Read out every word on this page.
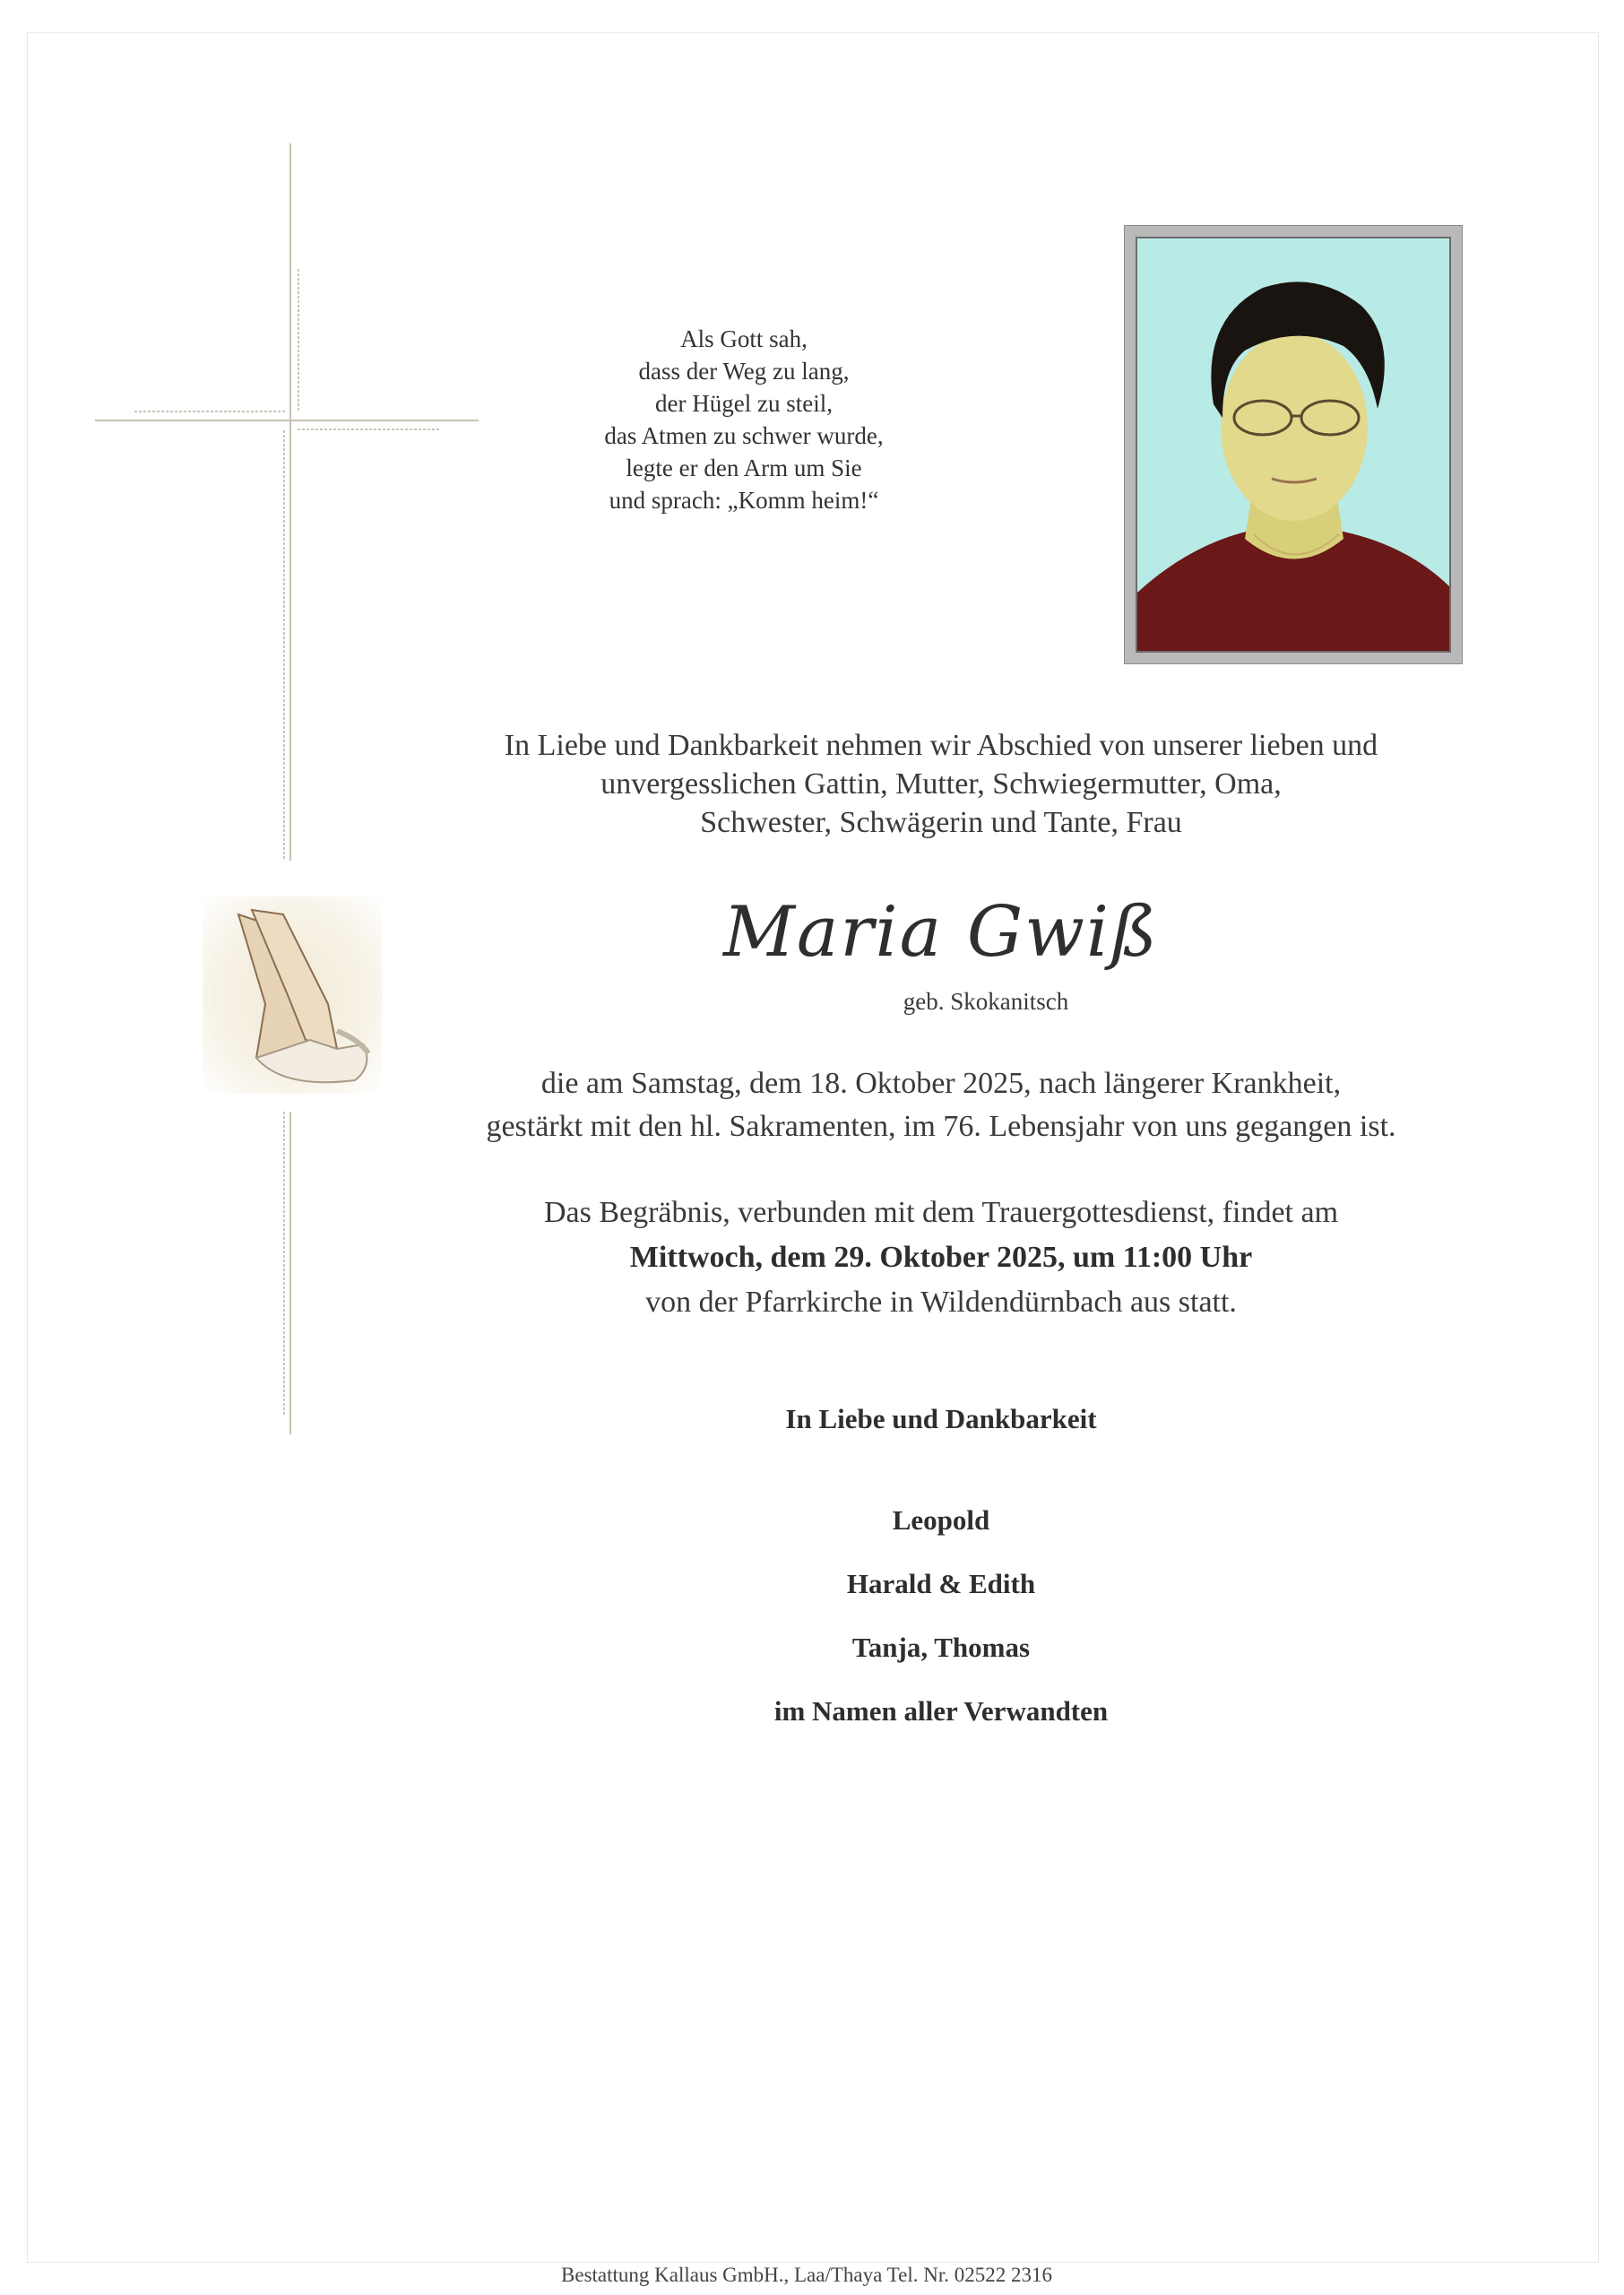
Als Gott sah,
dass der Weg zu lang,
der Hügel zu steil,
das Atmen zu schwer wurde,
legte er den Arm um Sie
und sprach: „Komm heim!“
In Liebe und Dankbarkeit nehmen wir Abschied von unserer lieben und
unvergesslichen Gattin, Mutter, Schwiegermutter, Oma,
Schwester, Schwägerin und Tante, Frau
Maria Gwiß
geb. Skokanitsch
die am Samstag, dem 18. Oktober 2025, nach längerer Krankheit,
gestärkt mit den hl. Sakramenten, im 76. Lebensjahr von uns gegangen ist.
Das Begräbnis, verbunden mit dem Trauergottesdienst, findet am
Mittwoch, dem 29. Oktober 2025, um 11:00 Uhr
von der Pfarrkirche in Wildendürnbach aus statt.
In Liebe und Dankbarkeit
Leopold
Harald & Edith
Tanja, Thomas
im Namen aller Verwandten
Bestattung Kallaus GmbH., Laa/Thaya Tel. Nr. 02522 2316
